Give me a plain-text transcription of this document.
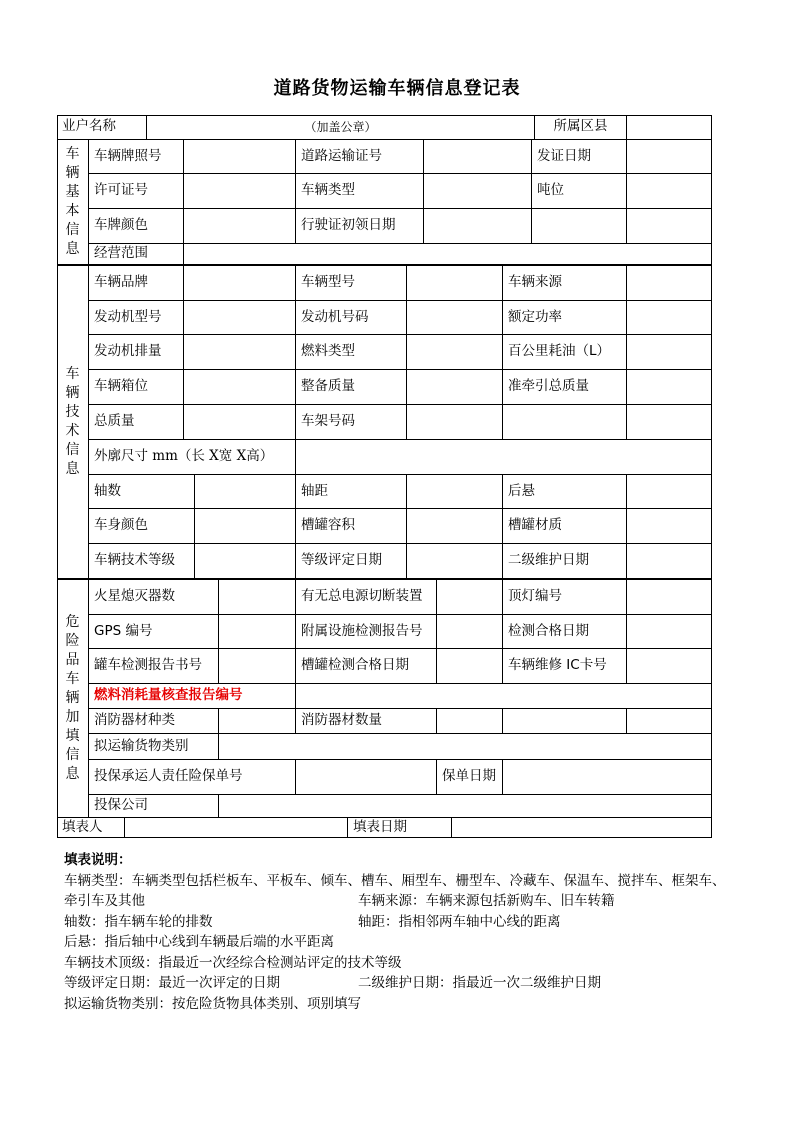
道路货物运输车辆信息登记表
业户名称	（加盖公章）	所属区县
车
辆
基
本
信
息
车辆牌照号	道路运输证号	发证日期
许可证号	车辆类型	吨位
车牌颜色	行驶证初领日期
经营范围
车
辆
技
术
信
息
车辆品牌	车辆型号	车辆来源
发动机型号	发动机号码	额定功率
发动机排量	燃料类型	百公里耗油（L）
车辆箱位	整备质量	准牵引总质量
总质量	车架号码
外廓尺寸 mm（长 X宽 X高）
轴数	轴距	后悬
车身颜色	槽罐容积	槽罐材质
车辆技术等级	等级评定日期	二级维护日期
危
险
品
车
辆
加
填
信
息
火星熄灭器数	有无总电源切断装置	顶灯编号
GPS 编号	附属设施检测报告号	检测合格日期
罐车检测报告书号	槽罐检测合格日期	车辆维修 IC卡号
燃料消耗量核查报告编号
消防器材种类	消防器材数量
拟运输货物类别
投保承运人责任险保单号	保单日期
投保公司
填表人	填表日期
填表说明：
车辆类型：车辆类型包括栏板车、平板车、倾车、槽车、厢型车、栅型车、冷藏车、保温车、搅拌车、框架车、
牵引车及其他	车辆来源：车辆来源包括新购车、旧车转籍
轴数：指车辆车轮的排数	轴距：指相邻两车轴中心线的距离
后悬：指后轴中心线到车辆最后端的水平距离
车辆技术顶级：指最近一次经综合检测站评定的技术等级
等级评定日期：最近一次评定的日期	二级维护日期：指最近一次二级维护日期
拟运输货物类别：按危险货物具体类别、项别填写
